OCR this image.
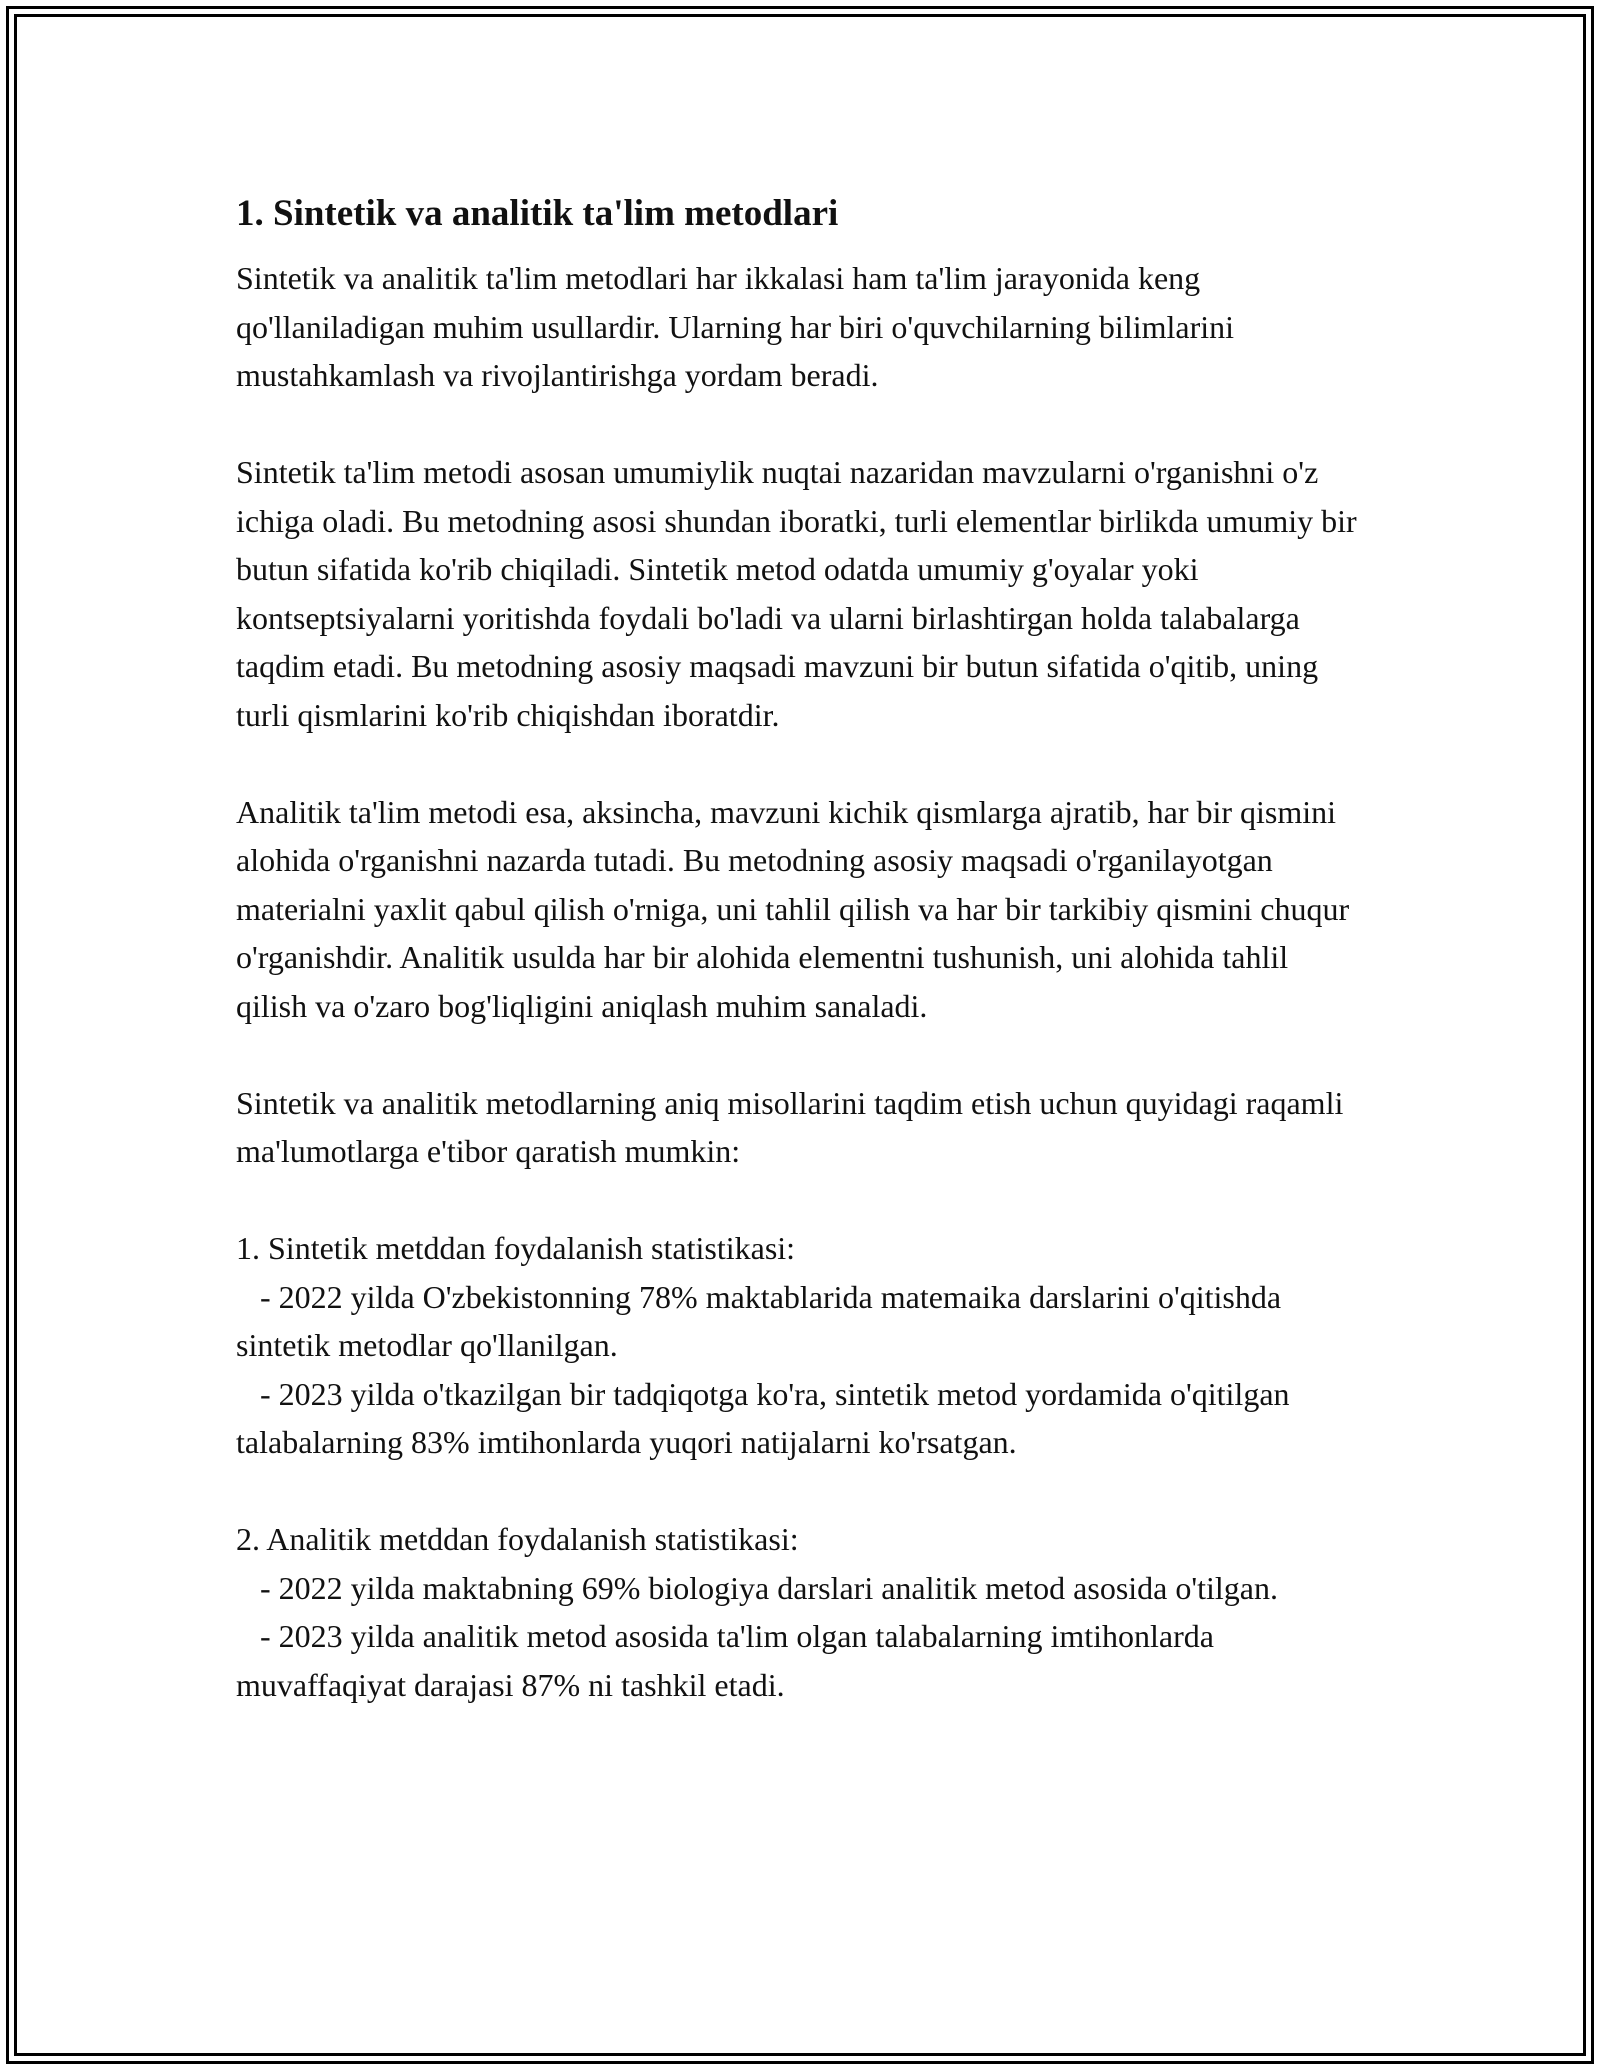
1. Sintetik va analitik ta'lim metodlari
Sintetik va analitik ta'lim metodlari har ikkalasi ham ta'lim jarayonida keng qo'llaniladigan muhim usullardir. Ularning har biri o'quvchilarning bilimlarini mustahkamlash va rivojlantirishga yordam beradi.
Sintetik ta'lim metodi asosan umumiylik nuqtai nazaridan mavzularni o'rganishni o'z ichiga oladi. Bu metodning asosi shundan iboratki, turli elementlar birlikda umumiy bir butun sifatida ko'rib chiqiladi. Sintetik metod odatda umumiy g'oyalar yoki kontseptsiyalarni yoritishda foydali bo'ladi va ularni birlashtirgan holda talabalarga taqdim etadi. Bu metodning asosiy maqsadi mavzuni bir butun sifatida o'qitib, uning turli qismlarini ko'rib chiqishdan iboratdir.
Analitik ta'lim metodi esa, aksincha, mavzuni kichik qismlarga ajratib, har bir qismini alohida o'rganishni nazarda tutadi. Bu metodning asosiy maqsadi o'rganilayotgan materialni yaxlit qabul qilish o'rniga, uni tahlil qilish va har bir tarkibiy qismini chuqur o'rganishdir. Analitik usulda har bir alohida elementni tushunish, uni alohida tahlil qilish va o'zaro bog'liqligini aniqlash muhim sanaladi.
Sintetik va analitik metodlarning aniq misollarini taqdim etish uchun quyidagi raqamli ma'lumotlarga e'tibor qaratish mumkin:
1. Sintetik metddan foydalanish statistikasi:
- 2022 yilda O'zbekistonning 78% maktablarida matemaika darslarini o'qitishda sintetik metodlar qo'llanilgan.
- 2023 yilda o'tkazilgan bir tadqiqotga ko'ra, sintetik metod yordamida o'qitilgan talabalarning 83% imtihonlarda yuqori natijalarni ko'rsatgan.
2. Analitik metddan foydalanish statistikasi:
- 2022 yilda maktabning 69% biologiya darslari analitik metod asosida o'tilgan.
- 2023 yilda analitik metod asosida ta'lim olgan talabalarning imtihonlarda muvaffaqiyat darajasi 87% ni tashkil etadi.
